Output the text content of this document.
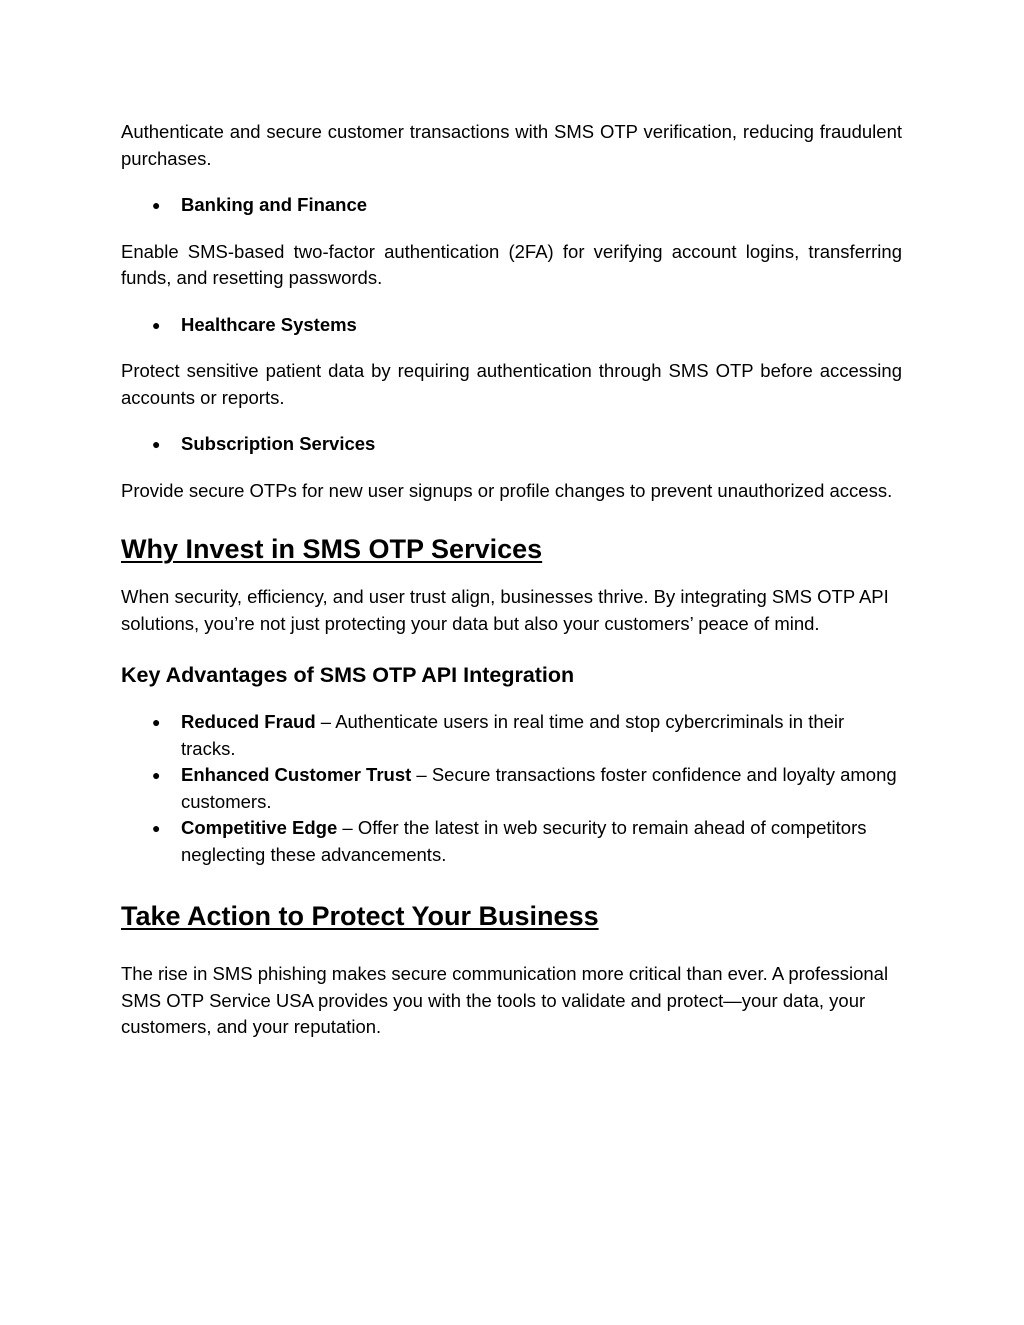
Authenticate and secure customer transactions with SMS OTP verification, reducing fraudulent purchases.

● Banking and Finance

Enable SMS-based two-factor authentication (2FA) for verifying account logins, transferring funds, and resetting passwords.

● Healthcare Systems

Protect sensitive patient data by requiring authentication through SMS OTP before accessing accounts or reports.

● Subscription Services

Provide secure OTPs for new user signups or profile changes to prevent unauthorized access.

Why Invest in SMS OTP Services

When security, efficiency, and user trust align, businesses thrive. By integrating SMS OTP API solutions, you’re not just protecting your data but also your customers’ peace of mind.

Key Advantages of SMS OTP API Integration
● Reduced Fraud – Authenticate users in real time and stop cybercriminals in their tracks.
● Enhanced Customer Trust – Secure transactions foster confidence and loyalty among customers.
● Competitive Edge – Offer the latest in web security to remain ahead of competitors neglecting these advancements.
Take Action to Protect Your Business

The rise in SMS phishing makes secure communication more critical than ever. A professional SMS OTP Service USA provides you with the tools to validate and protect—your data, your customers, and your reputation.
